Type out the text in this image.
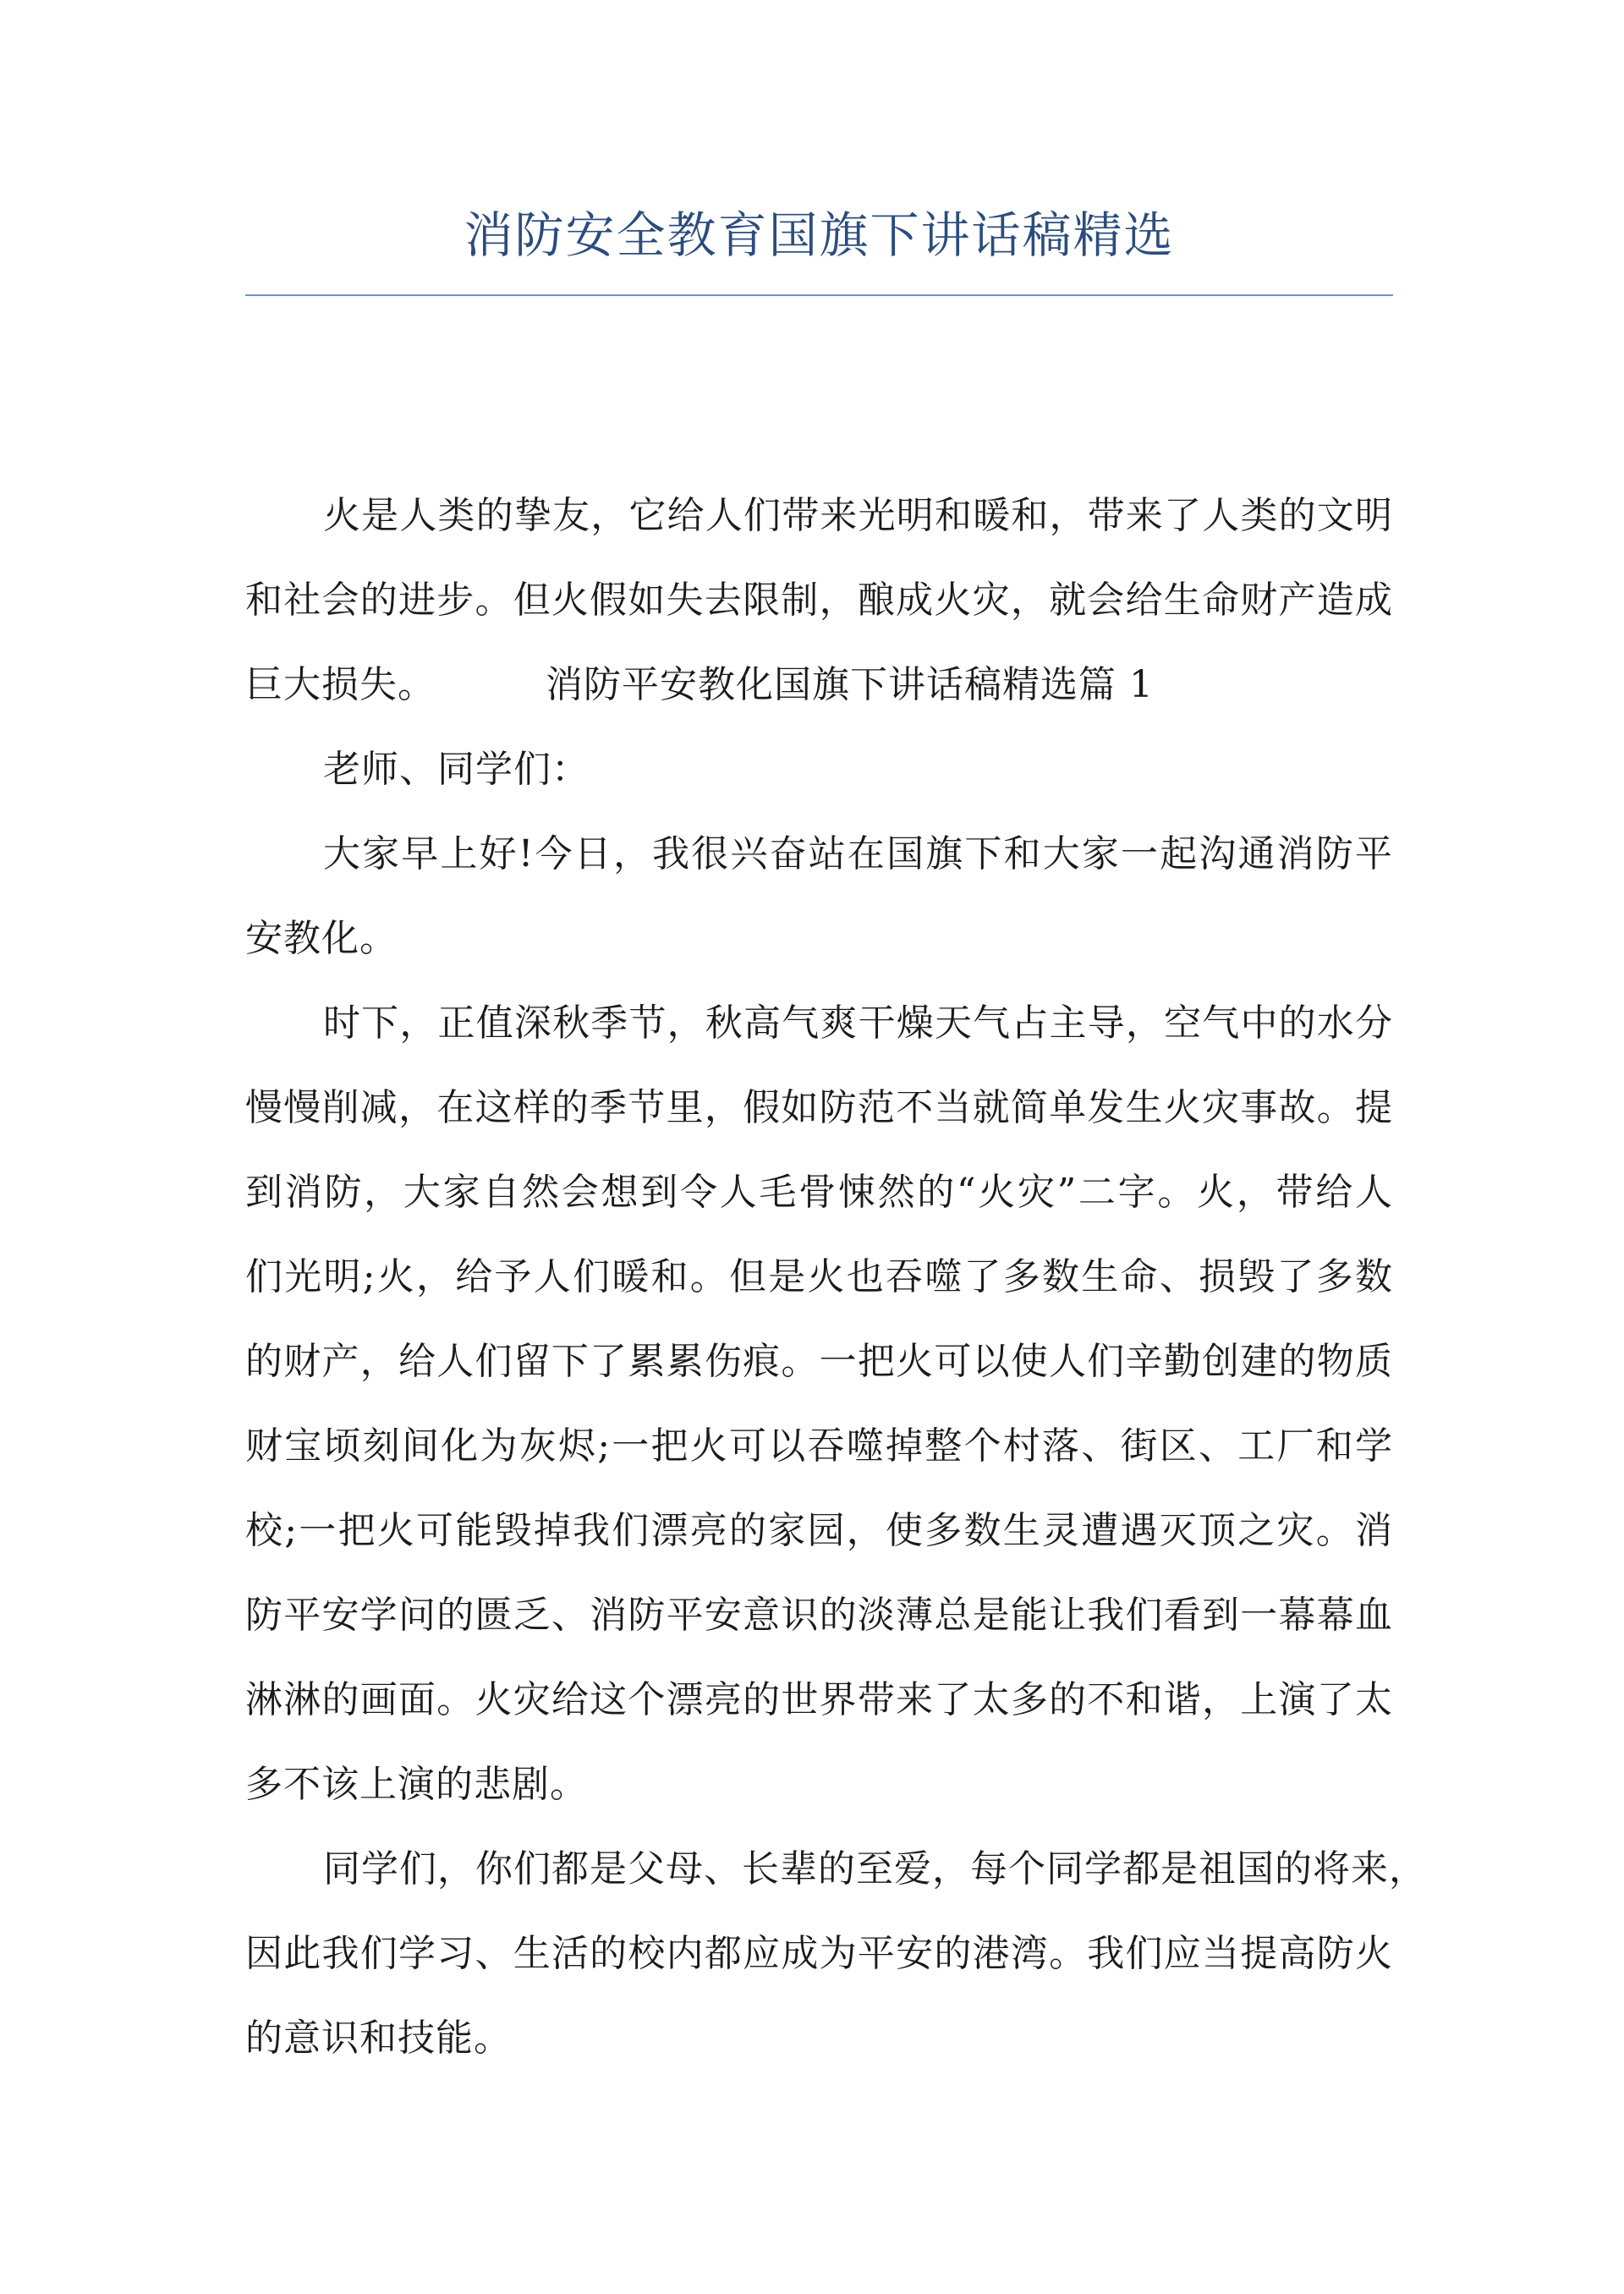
消防安全教育国旗下讲话稿精选
火是人类的挚友，它给人们带来光明和暖和，带来了人类的文明
和社会的进步。但火假如失去限制，酿成火灾，就会给生命财产造成
巨大损失。	消防平安教化国旗下讲话稿精选篇 1
老师、同学们：
大家早上好!今日，我很兴奋站在国旗下和大家一起沟通消防平
安教化。
时下，正值深秋季节，秋高气爽干燥天气占主导，空气中的水分
慢慢削减，在这样的季节里，假如防范不当就简单发生火灾事故。提
到消防，大家自然会想到令人毛骨悚然的“火灾”二字。火，带给人
们光明;火，给予人们暖和。但是火也吞噬了多数生命、损毁了多数
的财产，给人们留下了累累伤痕。一把火可以使人们辛勤创建的物质
财宝顷刻间化为灰烬;一把火可以吞噬掉整个村落、街区、工厂和学
校;一把火可能毁掉我们漂亮的家园，使多数生灵遭遇灭顶之灾。消
防平安学问的匮乏、消防平安意识的淡薄总是能让我们看到一幕幕血
淋淋的画面。火灾给这个漂亮的世界带来了太多的不和谐，上演了太
多不该上演的悲剧。
同学们，你们都是父母、长辈的至爱，每个同学都是祖国的将来，
因此我们学习、生活的校内都应成为平安的港湾。我们应当提高防火
的意识和技能。
